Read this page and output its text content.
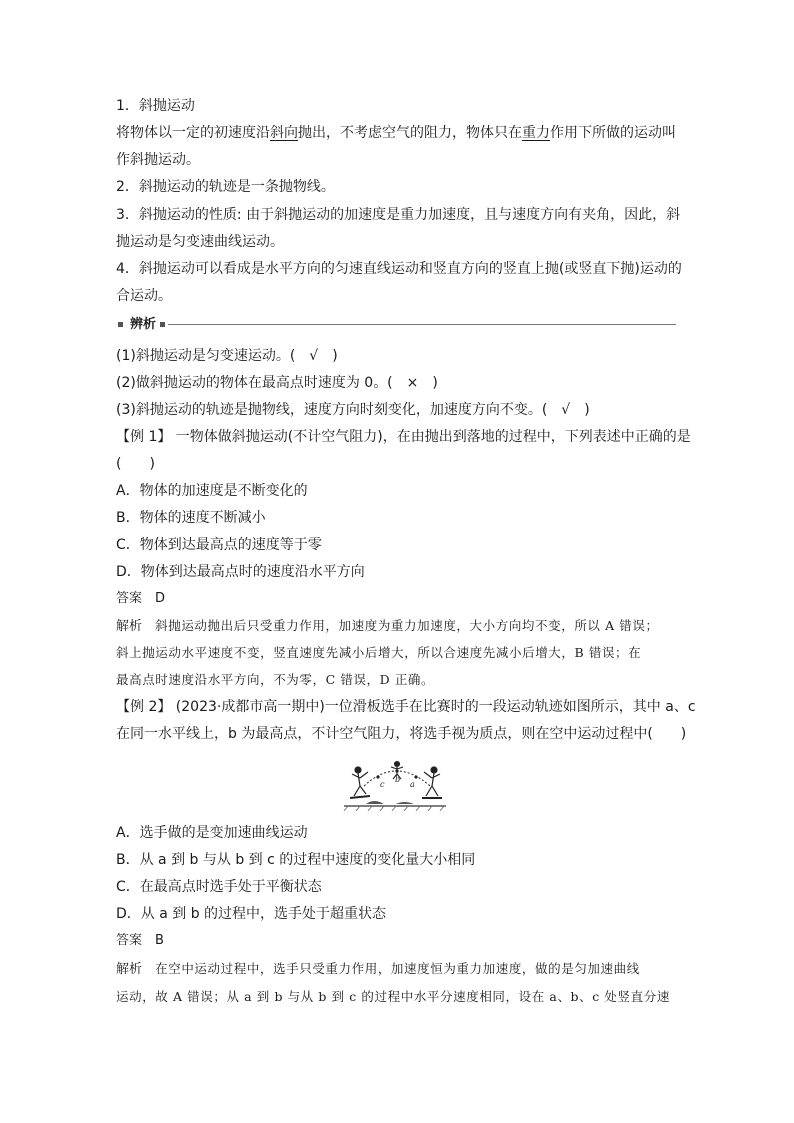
1．斜抛运动
将物体以一定的初速度沿斜向抛出，不考虑空气的阻力，物体只在重力作用下所做的运动叫
作斜抛运动。
2．斜抛运动的轨迹是一条抛物线。
3．斜抛运动的性质: 由于斜抛运动的加速度是重力加速度，且与速度方向有夹角，因此，斜
抛运动是匀变速曲线运动。
4．斜抛运动可以看成是水平方向的匀速直线运动和竖直方向的竖直上抛(或竖直下抛)运动的
合运动。
辨析
(1)斜抛运动是匀变速运动。(　√　)
(2)做斜抛运动的物体在最高点时速度为 0。(　×　)
(3)斜抛运动的轨迹是抛物线，速度方向时刻变化，加速度方向不变。(　√　)
【例 1】 一物体做斜抛运动(不计空气阻力)，在由抛出到落地的过程中，下列表述中正确的是
(　　)
A．物体的加速度是不断变化的
B．物体的速度不断减小
C．物体到达最高点的速度等于零
D．物体到达最高点时的速度沿水平方向
答案　 D
解析　 斜抛运动抛出后只受重力作用，加速度为重力加速度，大小方向均不变，所以 A 错误；
斜上抛运动水平速度不变，竖直速度先减小后增大，所以合速度先减小后增大，B 错误；在
最高点时速度沿水平方向，不为零，C 错误，D 正确。
【例 2】 (2023·成都市高一期中)一位滑板选手在比赛时的一段运动轨迹如图所示，其中 a、c
在同一水平线上，b 为最高点，不计空气阻力，将选手视为质点，则在空中运动过程中(　　)
c
b
a
A．选手做的是变加速曲线运动
B．从 a 到 b 与从 b 到 c 的过程中速度的变化量大小相同
C．在最高点时选手处于平衡状态
D．从 a 到 b 的过程中，选手处于超重状态
答案　 B
解析　 在空中运动过程中，选手只受重力作用，加速度恒为重力加速度，做的是匀加速曲线
运动，故 A 错误；从 a 到 b 与从 b 到 c 的过程中水平分速度相同，设在 a、b、c 处竖直分速
